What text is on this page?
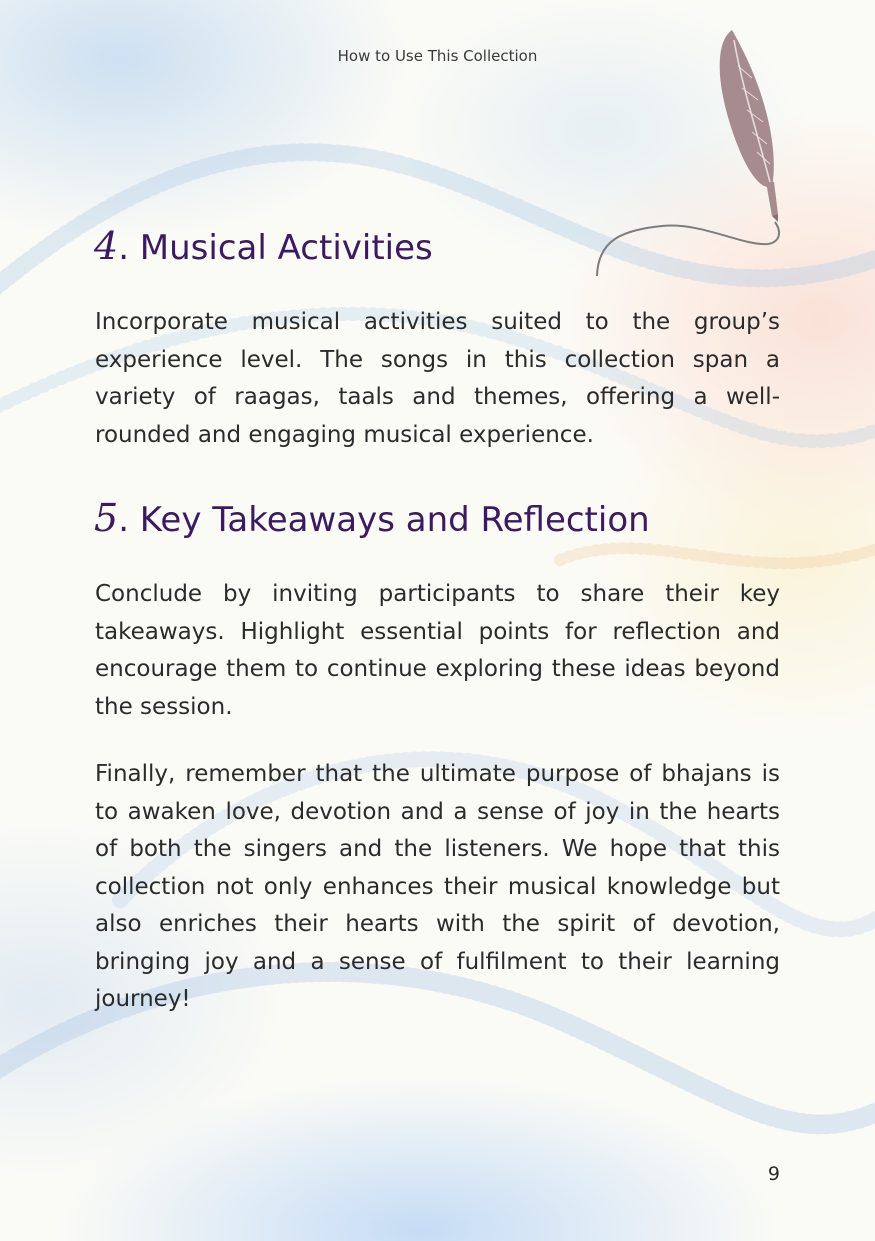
How to Use This Collection
4. Musical Activities

Incorporate musical activities suited to the group’s experience level. The songs in this collection span a variety of raagas, taals and themes, offering a well-rounded and engaging musical experience.

5. Key Takeaways and Reflection

Conclude by inviting participants to share their key takeaways. Highlight essential points for reflection and encourage them to continue exploring these ideas beyond the session.

Finally, remember that the ultimate purpose of bhajans is to awaken love, devotion and a sense of joy in the hearts of both the singers and the listeners. We hope that this collection not only enhances their musical knowledge but also enriches their hearts with the spirit of devotion, bringing joy and a sense of fulfilment to their learning journey!

9
